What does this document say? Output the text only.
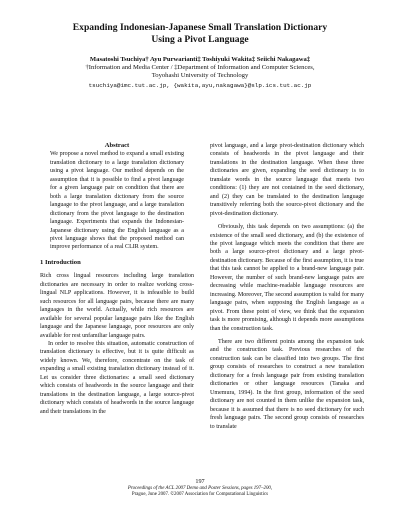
Expanding Indonesian-Japanese Small Translation Dictionary
Using a Pivot Language
Masatoshi Tsuchiya† Ayu Purwarianti‡ Toshiyuki Wakita‡ Seiichi Nakagawa‡
†Information and Media Center / ‡Department of Information and Computer Sciences,
Toyohashi University of Technology
tsuchiya@imc.tut.ac.jp, {wakita,ayu,nakagawa}@slp.ics.tut.ac.jp

Abstract

We propose a novel method to expand a small existing translation dictionary to a large translation dictionary using a pivot language. Our method depends on the assumption that it is possible to find a pivot language for a given language pair on condition that there are both a large translation dictionary from the source language to the pivot language, and a large translation dictionary from the pivot language to the destination language. Experiments that expands the Indonesian-Japanese dictionary using the English language as a pivot language shows that the proposed method can improve performance of a real CLIR system.

1 Introduction

Rich cross lingual resources including large translation dictionaries are necessary in order to realize working cross-lingual NLP applications. However, it is infeasible to build such resources for all language pairs, because there are many languages in the world. Actually, while rich resources are available for several popular language pairs like the English language and the Japanese language, poor resources are only available for rest unfamiliar language pairs.

In order to resolve this situation, automatic construction of translation dictionary is effective, but it is quite difficult as widely known. We, therefore, concentrate on the task of expanding a small existing translation dictionary instead of it. Let us consider three dictionaries: a small seed dictionary which consists of headwords in the source language and their translations in the destination language, a large source-pivot dictionary which consists of headwords in the source language and their translations in the

pivot language, and a large pivot-destination dictionary which consists of headwords in the pivot language and their translations in the destination language. When these three dictionaries are given, expanding the seed dictionary is to translate words in the source language that meets two conditions: (1) they are not contained in the seed dictionary, and (2) they can be translated to the destination language transitively referring both the source-pivot dictionary and the pivot-destination dictionary.

Obviously, this task depends on two assumptions: (a) the existence of the small seed dictionary, and (b) the existence of the pivot language which meets the condition that there are both a large source-pivot dictionary and a large pivot-destination dictionary. Because of the first assumption, it is true that this task cannot be applied to a brand-new language pair. However, the number of such brand-new language pairs are decreasing while machine-readable language resources are increasing. Moreover, The second assumption is valid for many language pairs, when supposing the English language as a pivot. From these point of view, we think that the expansion task is more promising, although it depends more assumptions than the construction task.

There are two different points among the expansion task and the construction task. Previous researches of the construction task can be classified into two groups. The first group consists of researches to construct a new translation dictionary for a fresh language pair from existing translation dictionaries or other language resources (Tanaka and Umemura, 1994). In the first group, information of the seed dictionary are not counted in them unlike the expansion task, because it is assumed that there is no seed dictionary for such fresh language pairs. The second group consists of researches to translate

197
Proceedings of the ACL 2007 Demo and Poster Sessions, pages 197–200,
Prague, June 2007. ©2007 Association for Computational Linguistics
